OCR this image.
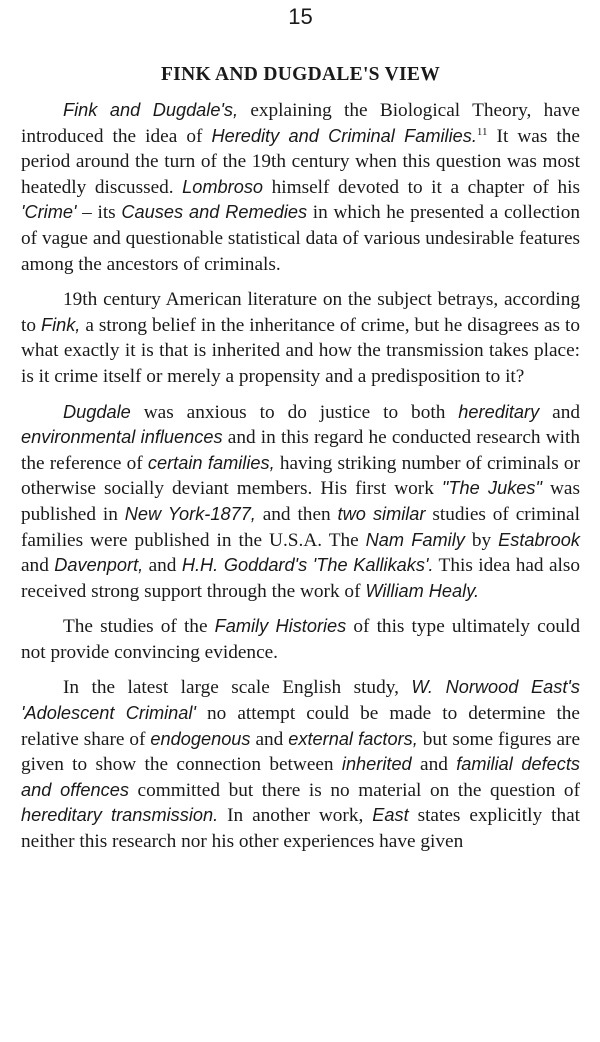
15
FINK AND DUGDALE'S VIEW

Fink and Dugdale's, explaining the Biological Theory, have introduced the idea of Heredity and Criminal Families.$^{11}$ It was the period around the turn of the 19th century when this question was most heatedly discussed. Lombroso himself devoted to it a chapter of his 'Crime' – its Causes and Remedies in which he presented a collection of vague and questionable statistical data of various undesirable features among the ancestors of criminals.

19th century American literature on the subject betrays, according to Fink, a strong belief in the inheritance of crime, but he disagrees as to what exactly it is that is inherited and how the transmission takes place: is it crime itself or merely a propensity and a predisposition to it?

Dugdale was anxious to do justice to both hereditary and environmental influences and in this regard he conducted research with the reference of certain families, having striking number of criminals or otherwise socially deviant members. His first work "The Jukes" was published in New York-1877, and then two similar studies of criminal families were published in the U.S.A. The Nam Family by Estabrook and Davenport, and H.H. Goddard's 'The Kallikaks'. This idea had also received strong support through the work of William Healy.

The studies of the Family Histories of this type ultimately could not provide convincing evidence.

In the latest large scale English study, W. Norwood East's 'Adolescent Criminal' no attempt could be made to determine the relative share of endogenous and external factors, but some figures are given to show the connection between inherited and familial defects and offences committed but there is no material on the question of hereditary transmission. In another work, East states explicitly that neither this research nor his other experiences have given
